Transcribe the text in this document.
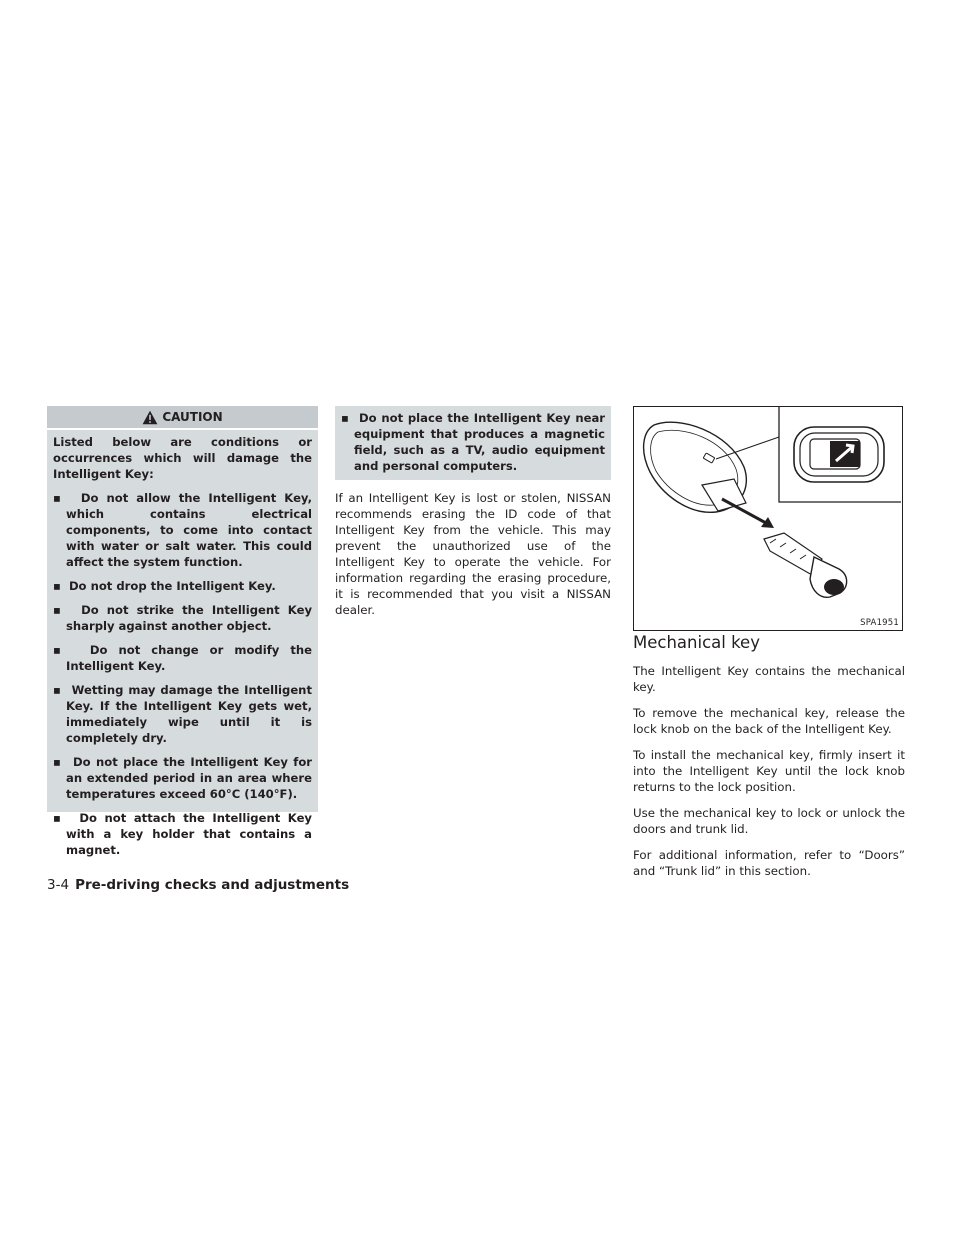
CAUTION

Listed below are conditions or occurrences which will damage the Intelligent Key:

▪  Do not allow the Intelligent Key, which contains electrical components, to come into contact with water or salt water. This could affect the system function.

▪  Do not drop the Intelligent Key.

▪  Do not strike the Intelligent Key sharply against another object.

▪  Do not change or modify the Intelligent Key.

▪  Wetting may damage the Intelligent Key. If the Intelligent Key gets wet, immediately wipe until it is completely dry.

▪  Do not place the Intelligent Key for an extended period in an area where temperatures exceed 60°C (140°F).

▪  Do not attach the Intelligent Key with a key holder that contains a magnet.

▪  Do not place the Intelligent Key near equipment that produces a magnetic field, such as a TV, audio equipment and personal computers.

If an Intelligent Key is lost or stolen, NISSAN recommends erasing the ID code of that Intelligent Key from the vehicle. This may prevent the unauthorized use of the Intelligent Key to operate the vehicle. For information regarding the erasing procedure, it is recommended that you visit a NISSAN dealer.

SPA1951
Mechanical key

The Intelligent Key contains the mechanical key.

To remove the mechanical key, release the lock knob on the back of the Intelligent Key.

To install the mechanical key, firmly insert it into the Intelligent Key until the lock knob returns to the lock position.

Use the mechanical key to lock or unlock the doors and trunk lid.

For additional information, refer to “Doors” and “Trunk lid” in this section.

3-4 Pre-driving checks and adjustments
